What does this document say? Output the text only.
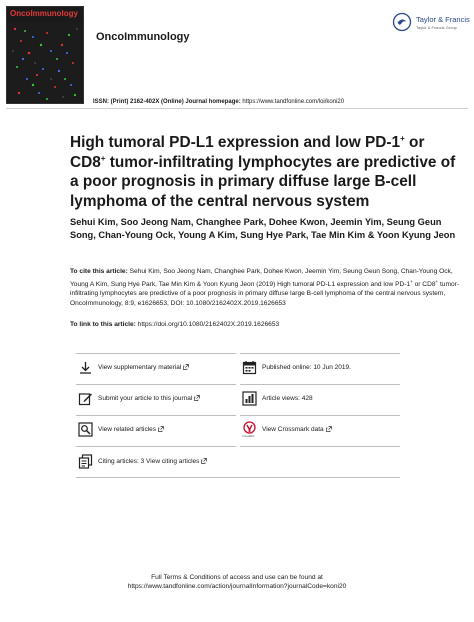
OncoImmunology
OncoImmunology
Taylor & Francis
Taylor & Francis Group
ISSN: (Print) 2162-402X (Online) Journal homepage: https://www.tandfonline.com/loi/koni20
High tumoral PD-L1 expression and low PD-1+ or
CD8+ tumor-infiltrating lymphocytes are predictive of a poor prognosis in primary diffuse large B-cell lymphoma of the central nervous system

Sehui Kim, Soo Jeong Nam, Changhee Park, Dohee Kwon, Jeemin Yim, Seung Geun Song, Chan-Young Ock, Young A Kim, Sung Hye Park, Tae Min Kim & Yoon Kyung Jeon

To cite this article: Sehui Kim, Soo Jeong Nam, Changhee Park, Dohee Kwon, Jeemin Yim, Seung Geun Song, Chan-Young Ock, Young A Kim, Sung Hye Park, Tae Min Kim & Yoon Kyung Jeon (2019) High tumoral PD-L1 expression and low PD-1+ or CD8+ tumor-infiltrating lymphocytes are predictive of a poor prognosis in primary diffuse large B-cell lymphoma of the central nervous system, OncoImmunology, 8:9, e1626653, DOI: 10.1080/2162402X.2019.1626653

To link to this article: https://doi.org/10.1080/2162402X.2019.1626653
View supplementary material	Published online: 10 Jun 2019.
Submit your article to this journal	Article views: 428
View related articles
CrossMark
View Crossmark data
Citing articles: 3 View citing articles
Full Terms & Conditions of access and use can be found at
https://www.tandfonline.com/action/journalInformation?journalCode=koni20
